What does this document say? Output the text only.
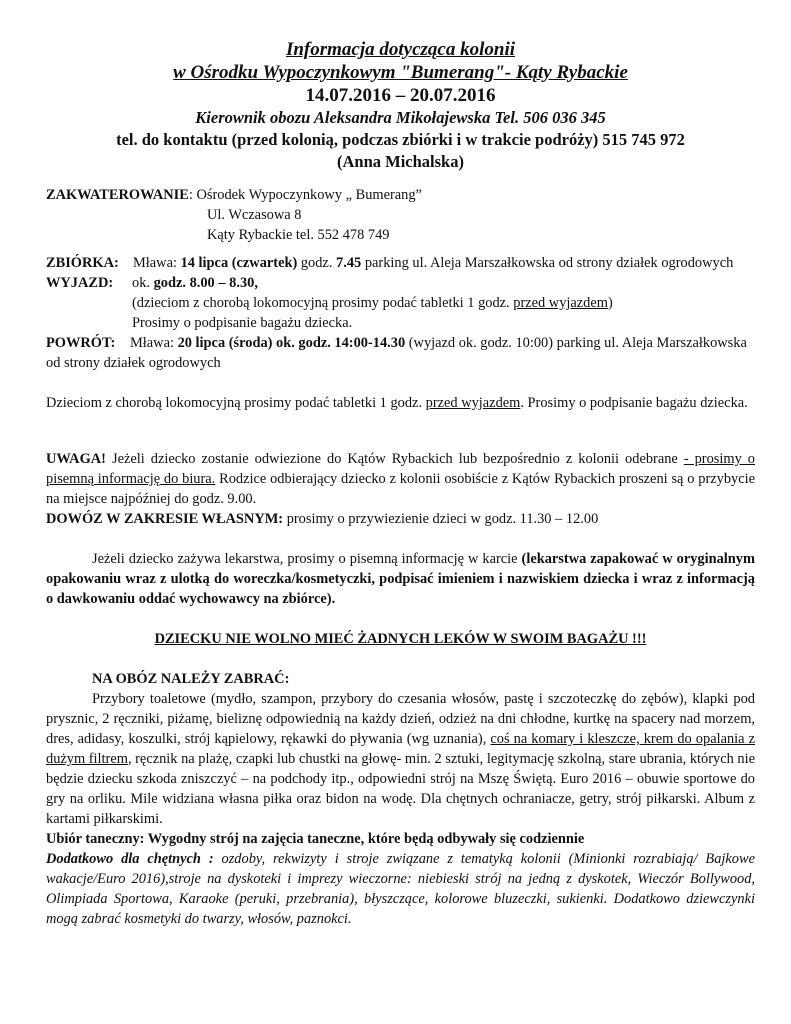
Informacja dotycząca kolonii

w Ośrodku Wypoczynkowym "Bumerang"- Kąty Rybackie

14.07.2016 – 20.07.2016

Kierownik obozu Aleksandra Mikołajewska Tel. 506 036 345

tel. do kontaktu (przed kolonią, podczas zbiórki i w trakcie podróży) 515 745 972

(Anna Michalska)

ZAKWATEROWANIE: Ośrodek Wypoczynkowy „ Bumerang”

Ul. Wczasowa 8

Kąty Rybackie tel. 552 478 749

ZBIÓRKA: Mława: 14 lipca (czwartek) godz. 7.45 parking ul. Aleja Marszałkowska od strony działek ogrodowych

WYJAZD: ok. godz. 8.00 – 8.30,

(dzieciom z chorobą lokomocyjną prosimy podać tabletki 1 godz. przed wyjazdem)

Prosimy o podpisanie bagażu dziecka.

POWRÓT: Mława: 20 lipca (środa) ok. godz. 14:00-14.30 (wyjazd ok. godz. 10:00) parking ul. Aleja Marszałkowska od strony działek ogrodowych

Dzieciom z chorobą lokomocyjną prosimy podać tabletki 1 godz. przed wyjazdem. Prosimy o podpisanie bagażu dziecka.

UWAGA! Jeżeli dziecko zostanie odwiezione do Kątów Rybackich lub bezpośrednio z kolonii odebrane - prosimy o pisemną informację do biura. Rodzice odbierający dziecko z kolonii osobiście z Kątów Rybackich proszeni są o przybycie na miejsce najpóźniej do godz. 9.00.

DOWÓZ W ZAKRESIE WŁASNYM: prosimy o przywiezienie dzieci w godz. 11.30 – 12.00

Jeżeli dziecko zażywa lekarstwa, prosimy o pisemną informację w karcie (lekarstwa zapakować w oryginalnym opakowaniu wraz z ulotką do woreczka/kosmetyczki, podpisać imieniem i nazwiskiem dziecka i wraz z informacją o dawkowaniu oddać wychowawcy na zbiórce).

DZIECKU NIE WOLNO MIEĆ ŻADNYCH LEKÓW W SWOIM BAGAŻU !!!

NA OBÓZ NALEŻY ZABRAĆ:

Przybory toaletowe (mydło, szampon, przybory do czesania włosów, pastę i szczoteczkę do zębów), klapki pod prysznic, 2 ręczniki, piżamę, bieliznę odpowiednią na każdy dzień, odzież na dni chłodne, kurtkę na spacery nad morzem, dres, adidasy, koszulki, strój kąpielowy, rękawki do pływania (wg uznania), coś na komary i kleszcze, krem do opalania z dużym filtrem, ręcznik na plażę, czapki lub chustki na głowę- min. 2 sztuki, legitymację szkolną, stare ubrania, których nie będzie dziecku szkoda zniszczyć – na podchody itp., odpowiedni strój na Mszę Świętą. Euro 2016 – obuwie sportowe do gry na orliku. Mile widziana własna piłka oraz bidon na wodę. Dla chętnych ochraniacze, getry, strój piłkarski. Album z kartami piłkarskimi.

Ubiór taneczny: Wygodny strój na zajęcia taneczne, które będą odbywały się codziennie

Dodatkowo dla chętnych : ozdoby, rekwizyty i stroje związane z tematyką kolonii (Minionki rozrabiają/ Bajkowe wakacje/Euro 2016),stroje na dyskoteki i imprezy wieczorne: niebieski strój na jedną z dyskotek, Wieczór Bollywood, Olimpiada Sportowa, Karaoke (peruki, przebrania), błyszczące, kolorowe bluzeczki, sukienki. Dodatkowo dziewczynki mogą zabrać kosmetyki do twarzy, włosów, paznokci.
